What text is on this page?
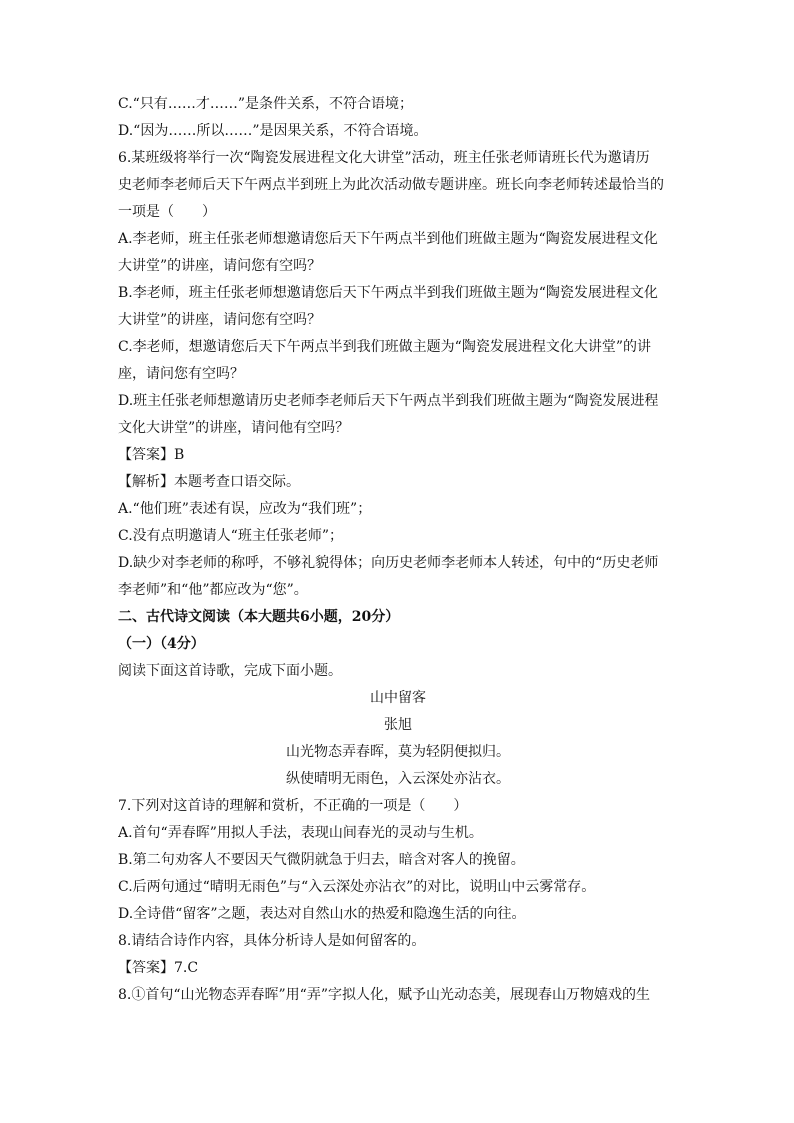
C.“只有……才……”是条件关系，不符合语境；
D.“因为……所以……”是因果关系，不符合语境。
6.某班级将举行一次“陶瓷发展进程文化大讲堂”活动，班主任张老师请班长代为邀请历
史老师李老师后天下午两点半到班上为此次活动做专题讲座。班长向李老师转述最恰当的
一项是（　　）
A.李老师，班主任张老师想邀请您后天下午两点半到他们班做主题为“陶瓷发展进程文化
大讲堂”的讲座，请问您有空吗？
B.李老师，班主任张老师想邀请您后天下午两点半到我们班做主题为“陶瓷发展进程文化
大讲堂”的讲座，请问您有空吗？
C.李老师，想邀请您后天下午两点半到我们班做主题为“陶瓷发展进程文化大讲堂”的讲
座，请问您有空吗？
D.班主任张老师想邀请历史老师李老师后天下午两点半到我们班做主题为“陶瓷发展进程
文化大讲堂”的讲座，请问他有空吗？
【答案】B
【解析】本题考查口语交际。
A.“他们班”表述有误，应改为“我们班”；
C.没有点明邀请人“班主任张老师”；
D.缺少对李老师的称呼，不够礼貌得体；向历史老师李老师本人转述，句中的“历史老师
李老师”和“他”都应改为“您”。
二、古代诗文阅读（本大题共6小题，20分）
（一）（4分）
阅读下面这首诗歌，完成下面小题。
山中留客
张旭
山光物态弄春晖，莫为轻阴便拟归。
纵使晴明无雨色，入云深处亦沾衣。
7.下列对这首诗的理解和赏析，不正确的一项是（　　）
A.首句“弄春晖”用拟人手法，表现山间春光的灵动与生机。
B.第二句劝客人不要因天气微阴就急于归去，暗含对客人的挽留。
C.后两句通过“晴明无雨色”与“入云深处亦沾衣”的对比，说明山中云雾常存。
D.全诗借“留客”之题，表达对自然山水的热爱和隐逸生活的向往。
8.请结合诗作内容，具体分析诗人是如何留客的。
【答案】7.C
8.①首句“山光物态弄春晖”用“弄”字拟人化，赋予山光动态美，展现春山万物嬉戏的生
